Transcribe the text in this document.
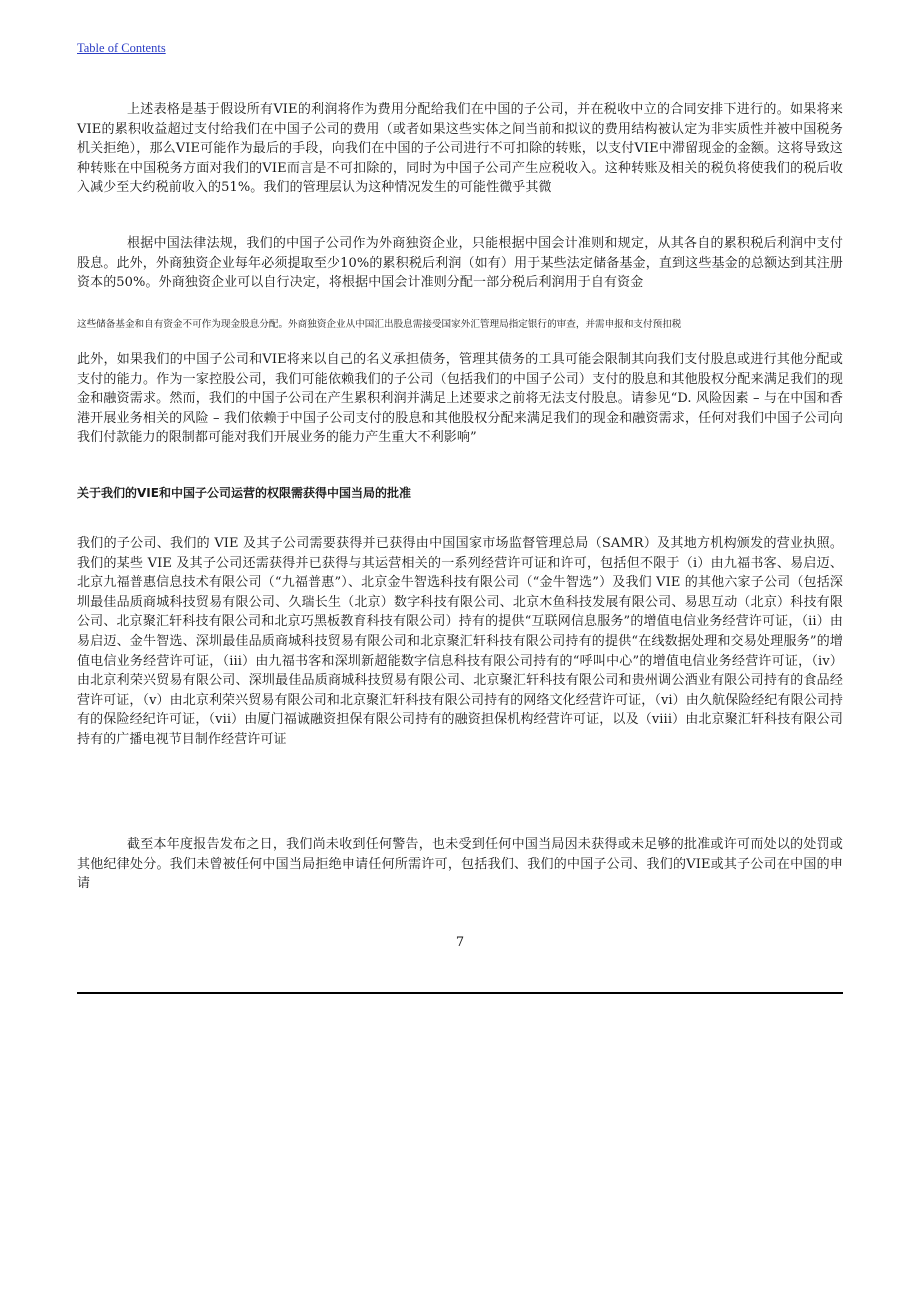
Table of Contents

上述表格是基于假设所有VIE的利润将作为费用分配给我们在中国的子公司，并在税收中立的合同安排下进行的。如果将来VIE的累积收益超过支付给我们在中国子公司的费用（或者如果这些实体之间当前和拟议的费用结构被认定为非实质性并被中国税务机关拒绝），那么VIE可能作为最后的手段，向我们在中国的子公司进行不可扣除的转账，以支付VIE中滞留现金的金额。这将导致这种转账在中国税务方面对我们的VIE而言是不可扣除的，同时为中国子公司产生应税收入。这种转账及相关的税负将使我们的税后收入减少至大约税前收入的51%。我们的管理层认为这种情况发生的可能性微乎其微

根据中国法律法规，我们的中国子公司作为外商独资企业，只能根据中国会计准则和规定，从其各自的累积税后利润中支付股息。此外，外商独资企业每年必须提取至少10%的累积税后利润（如有）用于某些法定储备基金，直到这些基金的总额达到其注册资本的50%。外商独资企业可以自行决定，将根据中国会计准则分配一部分税后利润用于自有资金

这些储备基金和自有资金不可作为现金股息分配。外商独资企业从中国汇出股息需接受国家外汇管理局指定银行的审查，并需申报和支付预扣税

此外，如果我们的中国子公司和VIE将来以自己的名义承担债务，管理其债务的工具可能会限制其向我们支付股息或进行其他分配或支付的能力。作为一家控股公司，我们可能依赖我们的子公司（包括我们的中国子公司）支付的股息和其他股权分配来满足我们的现金和融资需求。然而，我们的中国子公司在产生累积利润并满足上述要求之前将无法支付股息。请参见“D. 风险因素 – 与在中国和香港开展业务相关的风险 – 我们依赖于中国子公司支付的股息和其他股权分配来满足我们的现金和融资需求，任何对我们中国子公司向我们付款能力的限制都可能对我们开展业务的能力产生重大不利影响”

关于我们的VIE和中国子公司运营的权限需获得中国当局的批准

我们的子公司、我们的 VIE 及其子公司需要获得并已获得由中国国家市场监督管理总局（SAMR）及其地方机构颁发的营业执照。我们的某些 VIE 及其子公司还需获得并已获得与其运营相关的一系列经营许可证和许可，包括但不限于（i）由九福书客、易启迈、北京九福普惠信息技术有限公司（“九福普惠”）、北京金牛智选科技有限公司（“金牛智选”）及我们 VIE 的其他六家子公司（包括深圳最佳品质商城科技贸易有限公司、久瑞长生（北京）数字科技有限公司、北京木鱼科技发展有限公司、易思互动（北京）科技有限公司、北京聚汇轩科技有限公司和北京巧黑板教育科技有限公司）持有的提供“互联网信息服务”的增值电信业务经营许可证，（ii）由易启迈、金牛智选、深圳最佳品质商城科技贸易有限公司和北京聚汇轩科技有限公司持有的提供“在线数据处理和交易处理服务”的增值电信业务经营许可证，（iii）由九福书客和深圳新超能数字信息科技有限公司持有的“呼叫中心”的增值电信业务经营许可证，（iv）由北京利荣兴贸易有限公司、深圳最佳品质商城科技贸易有限公司、北京聚汇轩科技有限公司和贵州调公酒业有限公司持有的食品经营许可证，（v）由北京利荣兴贸易有限公司和北京聚汇轩科技有限公司持有的网络文化经营许可证，（vi）由久航保险经纪有限公司持有的保险经纪许可证，（vii）由厦门福诚融资担保有限公司持有的融资担保机构经营许可证，以及（viii）由北京聚汇轩科技有限公司持有的广播电视节目制作经营许可证

截至本年度报告发布之日，我们尚未收到任何警告，也未受到任何中国当局因未获得或未足够的批准或许可而处以的处罚或其他纪律处分。我们未曾被任何中国当局拒绝申请任何所需许可，包括我们、我们的中国子公司、我们的VIE或其子公司在中国的申请

7
